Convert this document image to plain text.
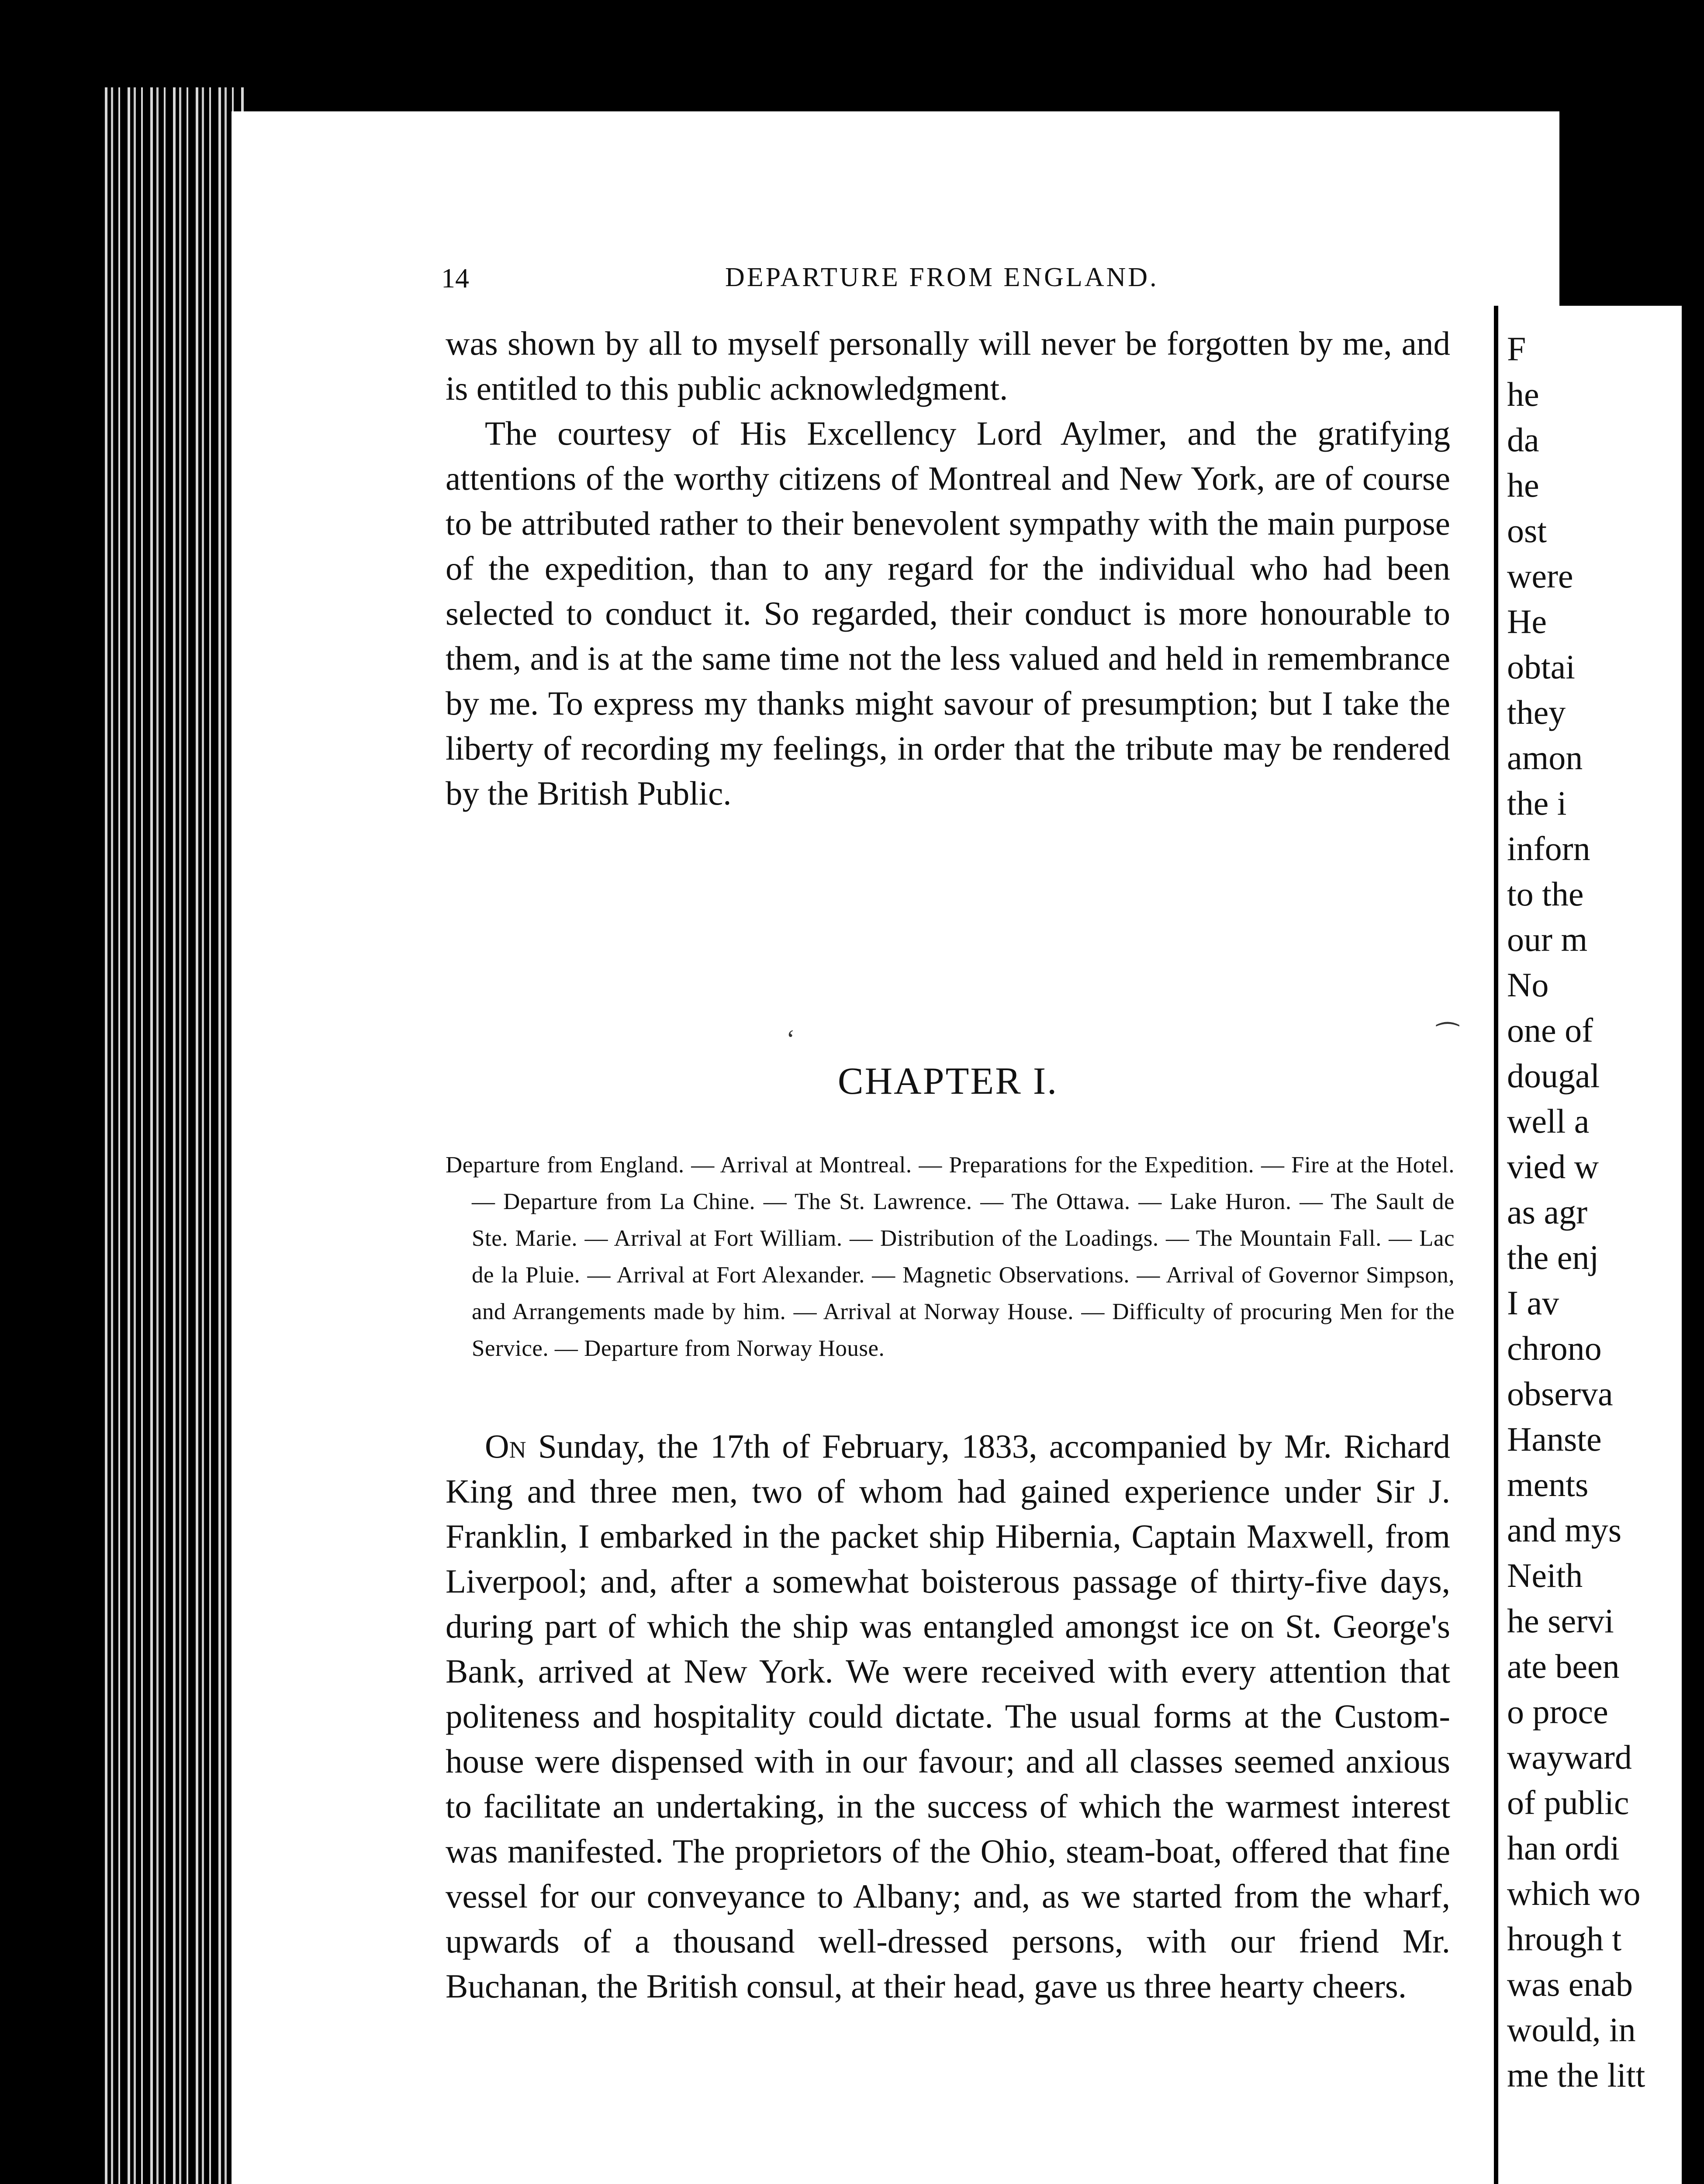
F
he
da
he
ost
were
He
obtai
they
amon
the i
inforn
to the
our m
No
one of
dougal
well a
vied w
as agr
the enj
I av
chrono
observa
Hanste
ments
and mys
Neith
he servi
ate been
o proce
wayward
of public
han ordi
which wo
hrough t
was enab
would, in
me the litt
14	DEPARTURE FROM ENGLAND.

was shown by all to myself personally will never be forgotten by me, and is entitled to this public acknowledgment.

The courtesy of His Excellency Lord Aylmer, and the gratifying attentions of the worthy citizens of Montreal and New York, are of course to be attributed rather to their benevolent sympathy with the main purpose of the expedition, than to any regard for the individual who had been selected to conduct it. So regarded, their conduct is more honourable to them, and is at the same time not the less valued and held in remembrance by me. To express my thanks might savour of presumption; but I take the liberty of recording my feelings, in order that the tribute may be rendered by the British Public.

ʻ	⁀
CHAPTER I.

Departure from England. — Arrival at Montreal. — Preparations for the Expedition. — Fire at the Hotel. — Departure from La Chine. — The St. Lawrence. — The Ottawa. — Lake Huron. — The Sault de Ste. Marie. — Arrival at Fort William. — Distribution of the Loadings. — The Mountain Fall. — Lac de la Pluie. — Arrival at Fort Alexander. — Magnetic Observations. — Arrival of Governor Simpson, and Arrangements made by him. — Arrival at Norway House. — Difficulty of procuring Men for the Service. — Departure from Norway House.

On Sunday, the 17th of February, 1833, accompanied by Mr. Richard King and three men, two of whom had gained experience under Sir J. Franklin, I embarked in the packet ship Hibernia, Captain Maxwell, from Liverpool; and, after a somewhat boisterous passage of thirty-five days, during part of which the ship was entangled amongst ice on St. George's Bank, arrived at New York. We were received with every attention that politeness and hospitality could dictate. The usual forms at the Custom-house were dispensed with in our favour; and all classes seemed anxious to facilitate an undertaking, in the success of which the warmest interest was manifested. The proprietors of the Ohio, steam-boat, offered that fine vessel for our conveyance to Albany; and, as we started from the wharf, upwards of a thousand well-dressed persons, with our friend Mr. Buchanan, the British consul, at their head, gave us three hearty cheers.
